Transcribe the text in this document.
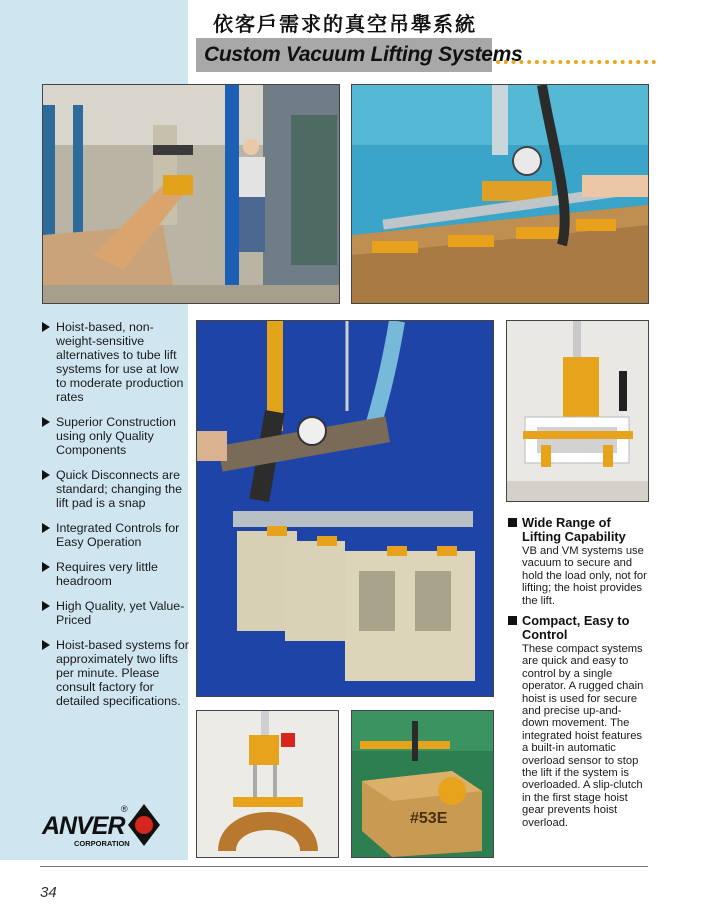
依客戶需求的真空吊舉系統
Custom Vacuum Lifting Systems
#53E
Hoist-based, non-weight-sensitive alternatives to tube lift systems for use at low to moderate production rates
Superior Construction using only Quality Components
Quick Disconnects are standard; changing the lift pad is a snap
Integrated Controls for Easy Operation
Requires very little headroom
High Quality, yet Value-Priced
Hoist-based systems for approximately two lifts per minute. Please consult factory for detailed specifications.
Wide Range of Lifting Capability

VB and VM systems use vacuum to secure and hold the load only, not for lifting; the hoist provides the lift.

Compact, Easy to Control

These compact systems are quick and easy to control by a single operator. A rugged chain hoist is used for secure and precise up-and-down movement. The integrated hoist features a built-in automatic overload sensor to stop the lift if the system is overloaded. A slip-clutch in the first stage hoist gear prevents hoist overload.

ANVER
®
CORPORATION
34
